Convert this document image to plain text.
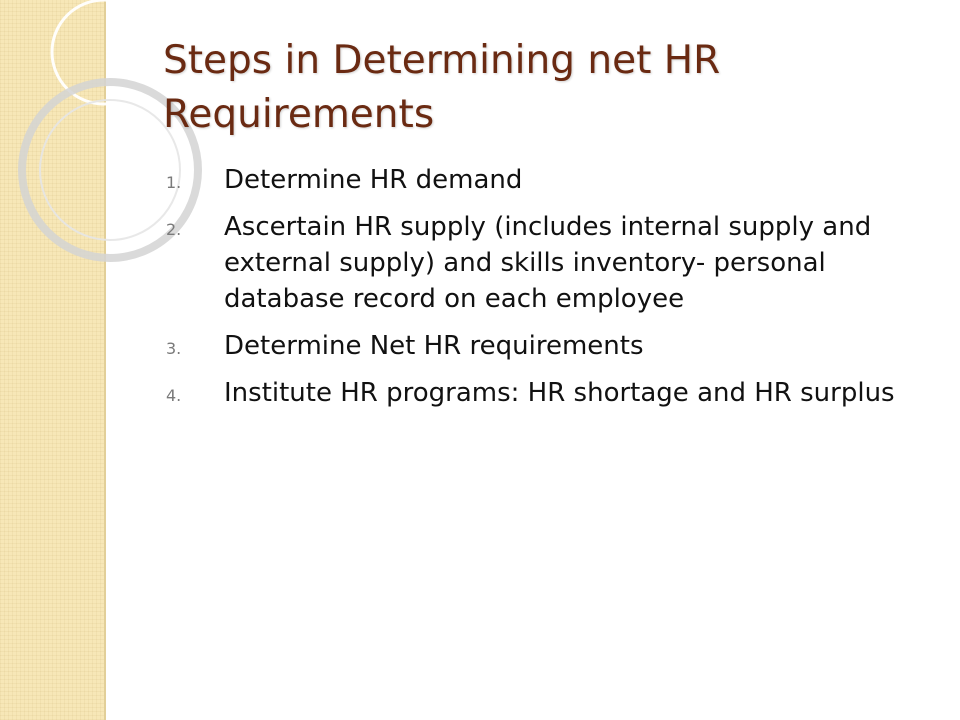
Steps in Determining net HR Requirements
1.	Determine HR demand
2.	Ascertain HR supply (includes internal supply and external supply) and skills inventory- personal database record on each employee
3.	Determine Net HR requirements
4.	Institute HR programs: HR shortage and HR surplus
